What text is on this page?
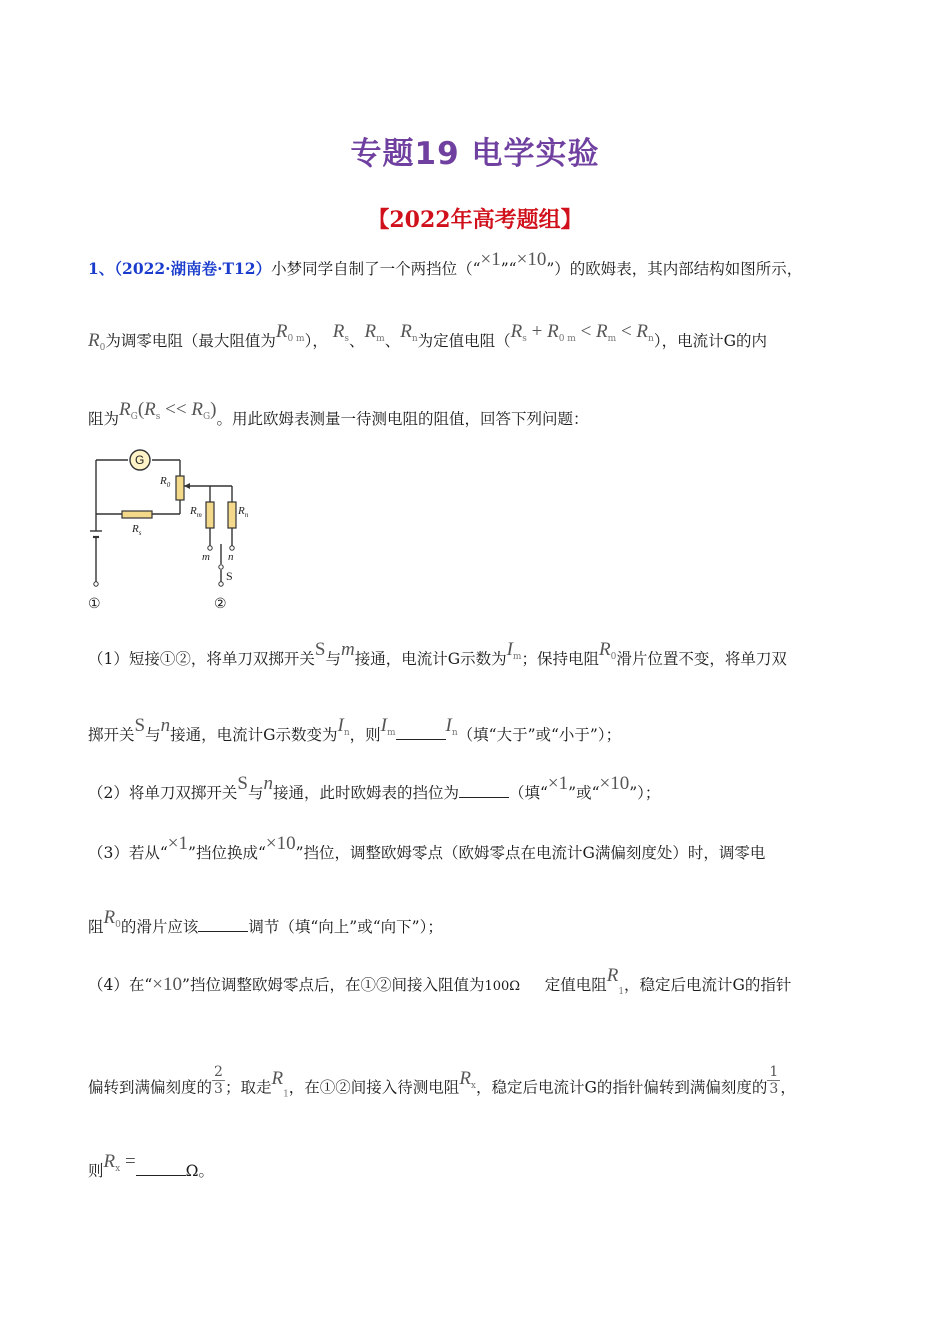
专题19 电学实验
【2022年高考题组】
1、（2022·湖南卷·T12）小梦同学自制了一个两挡位（“×1”“×10”）的欧姆表，其内部结构如图所示，
$R_0$为调零电阻（最大阻值为$R^{0 m}$）， $R^s$、$R^m$、$R^n$为定值电阻$(R^s + R^{0 m} < R^m < R^n)$，电流计G的内
阻为$R^G(R^s << R^G)$。用此欧姆表测量一待测电阻的阻值，回答下列问题：
G
$R_0$
$R_s$
$R_m$	$R_n$
m n
S
①	②
（1）短接①②，将单刀双掷开关S与m接通，电流计G示数为$I^m$；保持电阻$R^0$滑片位置不变，将单刀双
掷开关S与n接通，电流计G示数变为$I^n$，则$I^m$	$I^n$（填“大于”或“小于”）；
（2）将单刀双掷开关S与n接通，此时欧姆表的挡位为	（填“×1”或“×10”）；
（3）若从“×1”挡位换成“×10”挡位，调整欧姆零点（欧姆零点在电流计G满偏刻度处）时，调零电
阻$R^0$的滑片应该	调节（填“向上”或“向下”）；
（4）在“×10”挡位调整欧姆零点后，在①②间接入阻值为100Ω 定值电阻$R_1$，稳定后电流计G的指针
偏转到满偏刻度的 $\frac{2}{3}$ ；取走$R_1$，在①②间接入待测电阻$R^x$，稳定后电流计G的指针偏转到满偏刻度的 $\frac{1}{3}$ ，
则$R^x$ =	Ω。
